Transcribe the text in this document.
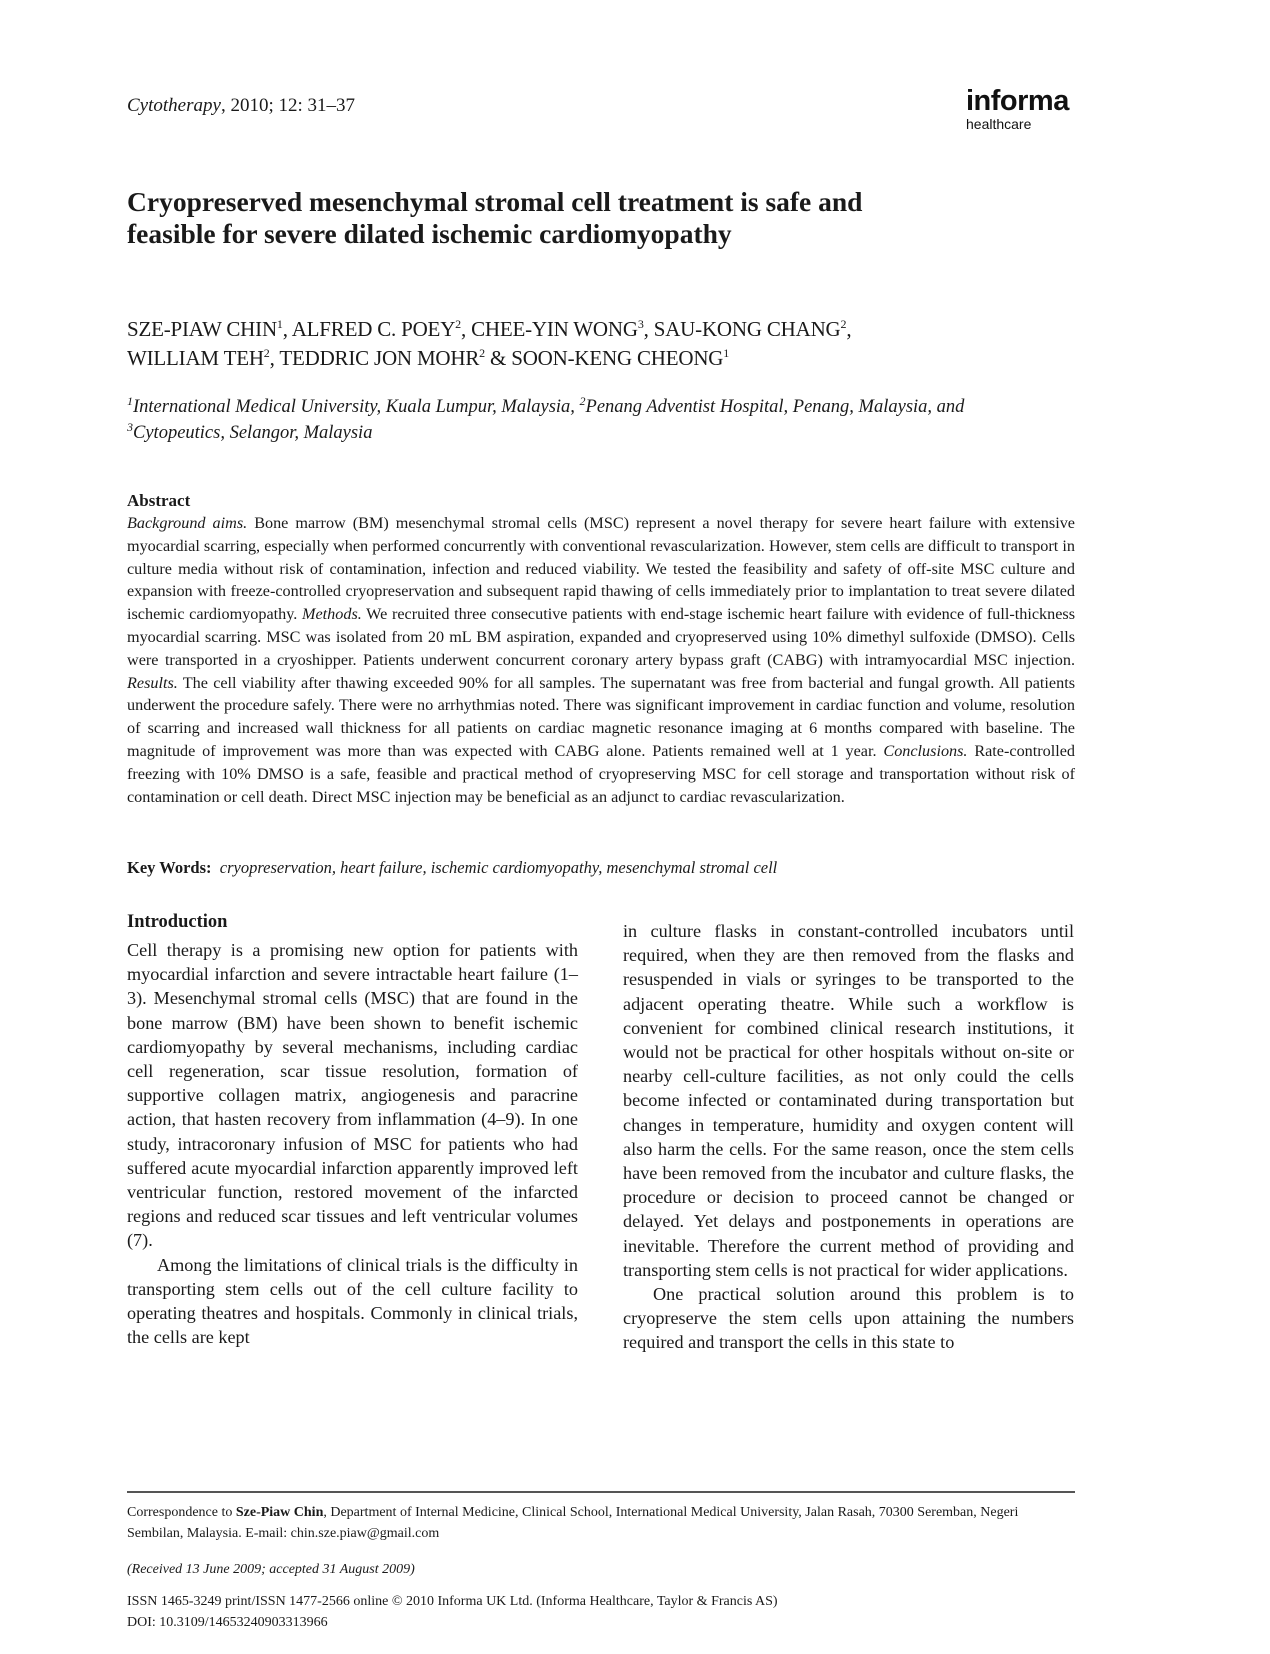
Cytotherapy, 2010; 12: 31–37	informa
healthcare
Cryopreserved mesenchymal stromal cell treatment is safe and
feasible for severe dilated ischemic cardiomyopathy
SZE-PIAW CHIN$^1$, ALFRED C. POEY$^2$, CHEE-YIN WONG$^3$, SAU-KONG CHANG$^2$,
WILLIAM TEH$^2$, TEDDRIC JON MOHR$^2$ & SOON-KENG CHEONG$^1$
$^1$International Medical University, Kuala Lumpur, Malaysia, $^2$Penang Adventist Hospital, Penang, Malaysia, and
$^3$Cytopeutics, Selangor, Malaysia
Abstract
Background aims. Bone marrow (BM) mesenchymal stromal cells (MSC) represent a novel therapy for severe heart failure with extensive myocardial scarring, especially when performed concurrently with conventional revascularization. However, stem cells are difficult to transport in culture media without risk of contamination, infection and reduced viability. We tested the feasibility and safety of off-site MSC culture and expansion with freeze-controlled cryopreservation and subsequent rapid thawing of cells immediately prior to implantation to treat severe dilated ischemic cardiomyopathy. Methods. We recruited three consecutive patients with end-stage ischemic heart failure with evidence of full-thickness myocardial scarring. MSC was isolated from 20 mL BM aspiration, expanded and cryopreserved using 10% dimethyl sulfoxide (DMSO). Cells were transported in a cryoshipper. Patients underwent concurrent coronary artery bypass graft (CABG) with intramyocardial MSC injection. Results. The cell viability after thawing exceeded 90% for all samples. The supernatant was free from bacterial and fungal growth. All patients underwent the procedure safely. There were no arrhythmias noted. There was significant improvement in cardiac function and volume, resolution of scarring and increased wall thickness for all patients on cardiac magnetic resonance imaging at 6 months compared with baseline. The magnitude of improvement was more than was expected with CABG alone. Patients remained well at 1 year. Conclusions. Rate-controlled freezing with 10% DMSO is a safe, feasible and practical method of cryopreserving MSC for cell storage and transportation without risk of contamination or cell death. Direct MSC injection may be beneficial as an adjunct to cardiac revascularization.
Key Words: cryopreservation, heart failure, ischemic cardiomyopathy, mesenchymal stromal cell
Introduction

Cell therapy is a promising new option for patients with myocardial infarction and severe intractable heart failure (1–3). Mesenchymal stromal cells (MSC) that are found in the bone marrow (BM) have been shown to benefit ischemic cardiomyopathy by several mechanisms, including cardiac cell regeneration, scar tissue resolution, formation of supportive collagen matrix, angiogenesis and paracrine action, that hasten recovery from inflammation (4–9). In one study, intracoronary infusion of MSC for patients who had suffered acute myocardial infarction apparently improved left ventricular function, restored movement of the infarcted regions and reduced scar tissues and left ventricular volumes (7).

Among the limitations of clinical trials is the difficulty in transporting stem cells out of the cell culture facility to operating theatres and hospitals. Commonly in clinical trials, the cells are kept

in culture flasks in constant-controlled incubators until required, when they are then removed from the flasks and resuspended in vials or syringes to be transported to the adjacent operating theatre. While such a workflow is convenient for combined clinical research institutions, it would not be practical for other hospitals without on-site or nearby cell-culture facilities, as not only could the cells become infected or contaminated during transportation but changes in temperature, humidity and oxygen content will also harm the cells. For the same reason, once the stem cells have been removed from the incubator and culture flasks, the procedure or decision to proceed cannot be changed or delayed. Yet delays and postponements in operations are inevitable. Therefore the current method of providing and transporting stem cells is not practical for wider applications.

One practical solution around this problem is to cryopreserve the stem cells upon attaining the numbers required and transport the cells in this state to

Correspondence to Sze-Piaw Chin, Department of Internal Medicine, Clinical School, International Medical University, Jalan Rasah, 70300 Seremban, Negeri Sembilan, Malaysia. E-mail: chin.sze.piaw@gmail.com
(Received 13 June 2009; accepted 31 August 2009)
ISSN 1465-3249 print/ISSN 1477-2566 online © 2010 Informa UK Ltd. (Informa Healthcare, Taylor & Francis AS)
DOI: 10.3109/14653240903313966
